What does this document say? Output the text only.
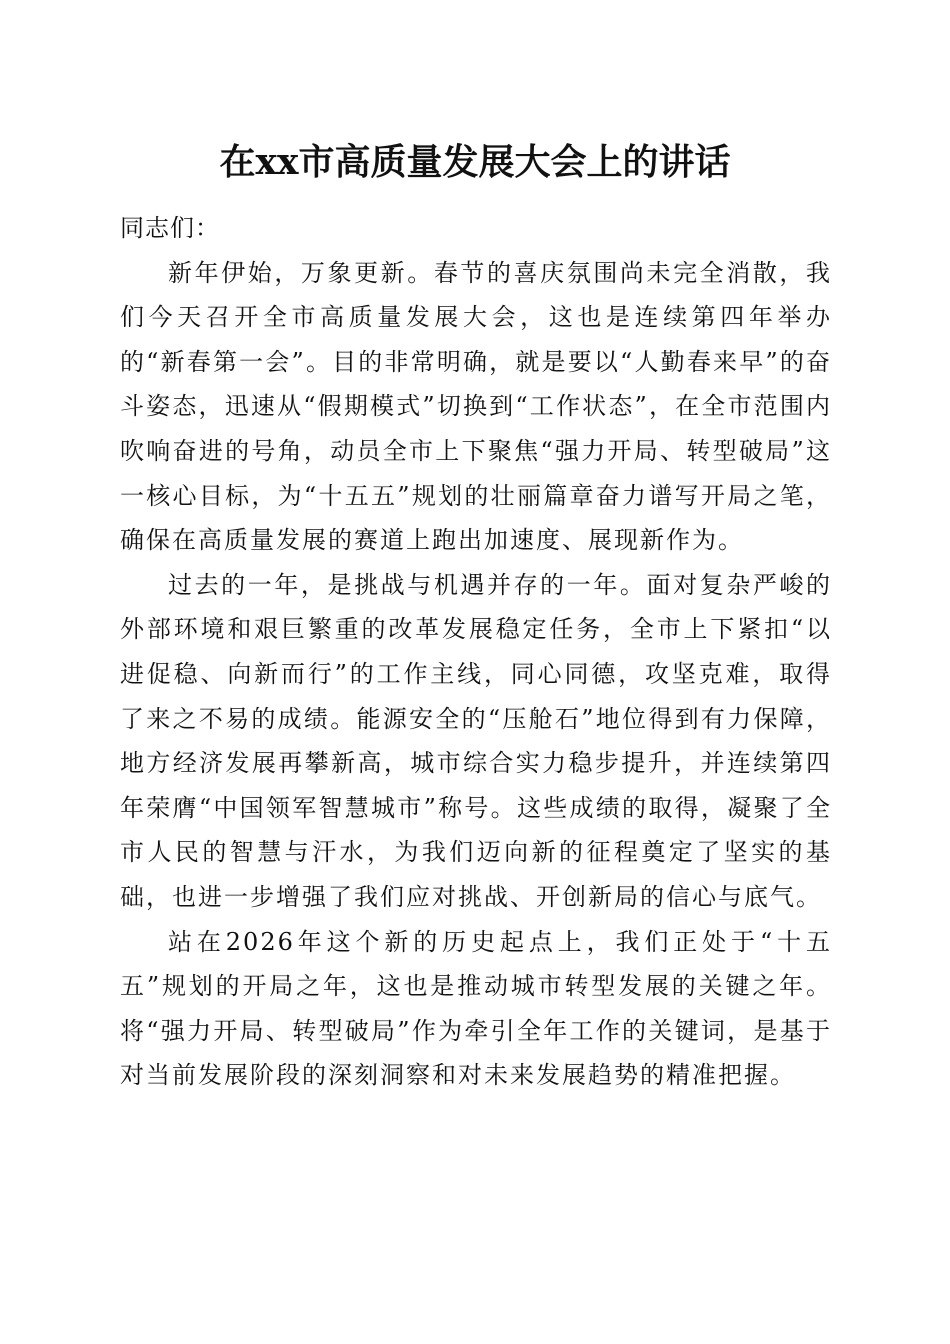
在xx市高质量发展大会上的讲话

同志们：

新年伊始，万象更新。春节的喜庆氛围尚未完全消散，我们今天召开全市高质量发展大会，这也是连续第四年举办的“新春第一会”。目的非常明确，就是要以“人勤春来早”的奋斗姿态，迅速从“假期模式”切换到“工作状态”，在全市范围内吹响奋进的号角，动员全市上下聚焦“强力开局、转型破局”这一核心目标，为“十五五”规划的壮丽篇章奋力谱写开局之笔，确保在高质量发展的赛道上跑出加速度、展现新作为。

过去的一年，是挑战与机遇并存的一年。面对复杂严峻的外部环境和艰巨繁重的改革发展稳定任务，全市上下紧扣“以进促稳、向新而行”的工作主线，同心同德，攻坚克难，取得了来之不易的成绩。能源安全的“压舱石”地位得到有力保障，地方经济发展再攀新高，城市综合实力稳步提升，并连续第四年荣膺“中国领军智慧城市”称号。这些成绩的取得，凝聚了全市人民的智慧与汗水，为我们迈向新的征程奠定了坚实的基础，也进一步增强了我们应对挑战、开创新局的信心与底气。

站在2026年这个新的历史起点上，我们正处于“十五五”规划的开局之年，这也是推动城市转型发展的关键之年。将“强力开局、转型破局”作为牵引全年工作的关键词，是基于对当前发展阶段的深刻洞察和对未来发展趋势的精准把握。
